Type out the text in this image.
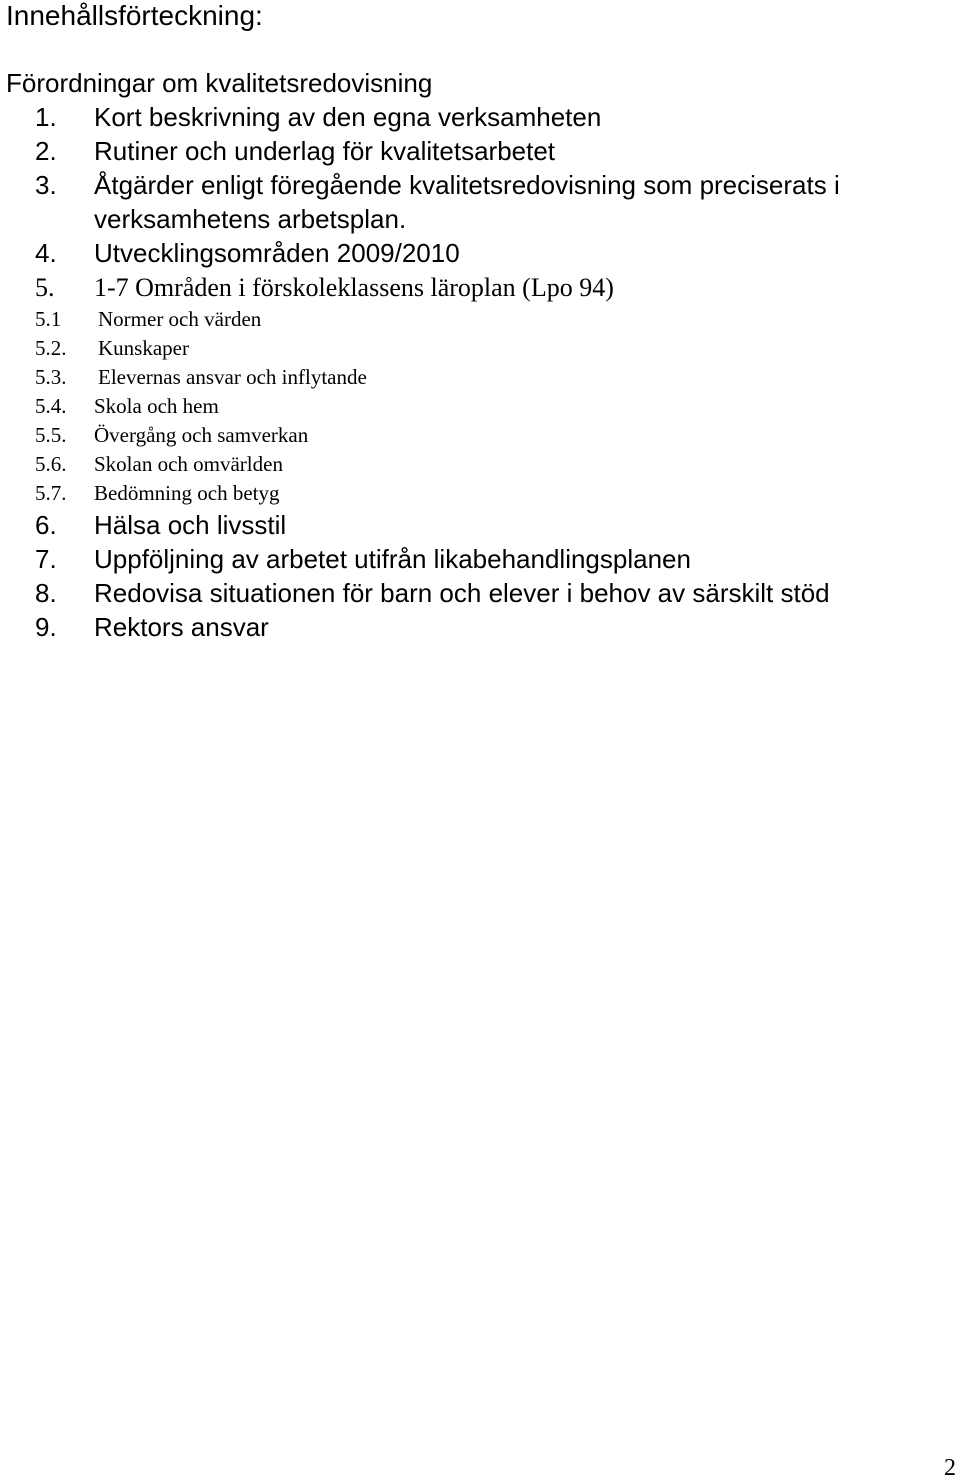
Innehållsförteckning:
Förordningar om kvalitetsredovisning
1. Kort beskrivning av den egna verksamheten
2. Rutiner och underlag för kvalitetsarbetet
3. Åtgärder enligt föregående kvalitetsredovisning som preciserats i
verksamhetens arbetsplan.
4. Utvecklingsområden 2009/2010
5. 1-7 Områden i förskoleklassens läroplan (Lpo 94)
5.1 Normer och värden
5.2. Kunskaper
5.3. Elevernas ansvar och inflytande
5.4. Skola och hem
5.5. Övergång och samverkan
5.6. Skolan och omvärlden
5.7. Bedömning och betyg
6. Hälsa och livsstil
7. Uppföljning av arbetet utifrån likabehandlingsplanen
8. Redovisa situationen för barn och elever i behov av särskilt stöd
9. Rektors ansvar
2
